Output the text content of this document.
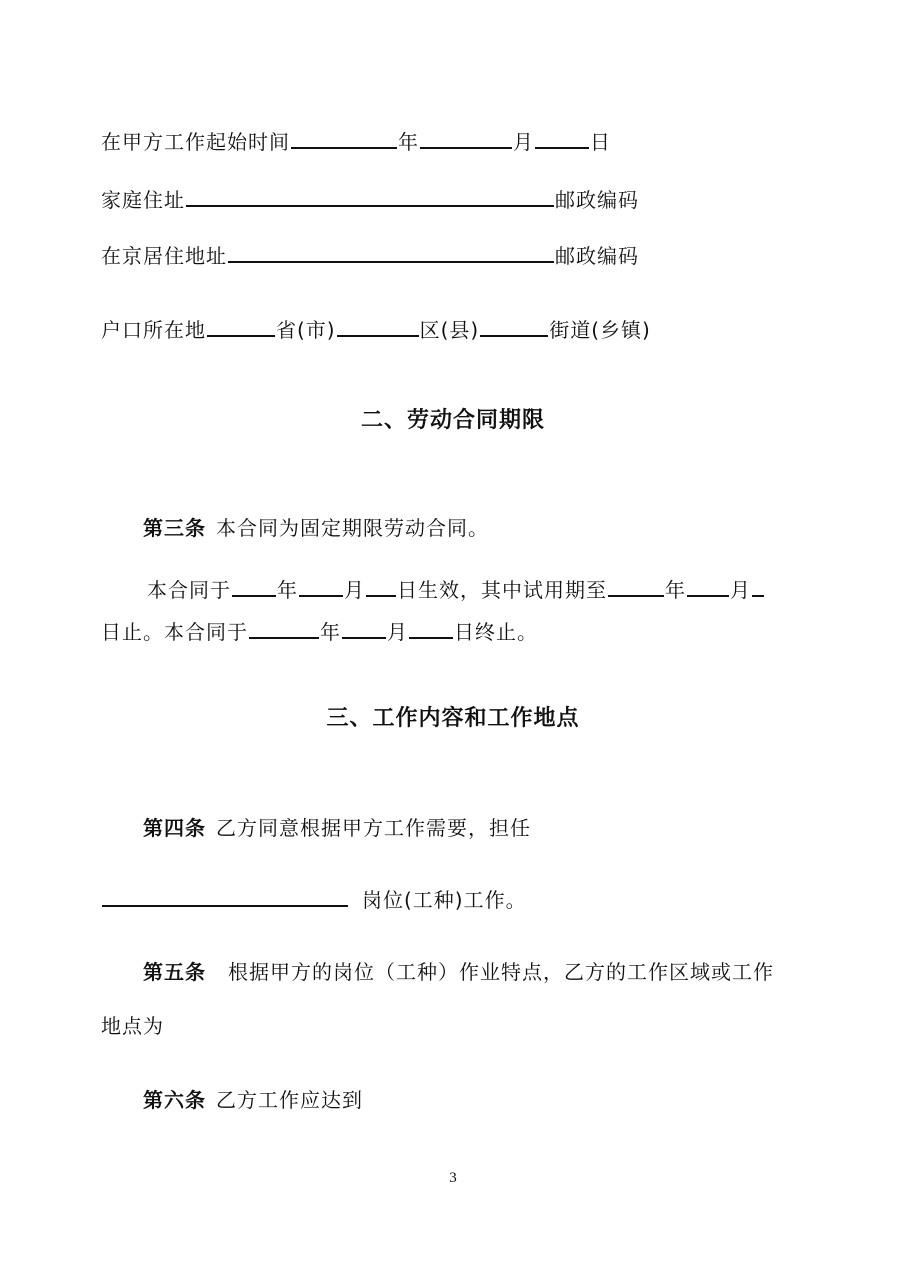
在甲方工作起始时间	年	月	日
家庭住址	邮政编码
在京居住地址	邮政编码
户口所在地	省(市)	区(县)	街道(乡镇)
二、劳动合同期限
第三条 本合同为固定期限劳动合同。
本合同于 年 月 日生效，其中试用期至	年 月
日止。本合同于	年 月 日终止。
三、工作内容和工作地点
第四条 乙方同意根据甲方工作需要，担任
岗位(工种)工作。
第五条 根据甲方的岗位（工种）作业特点，乙方的工作区域或工作
地点为
第六条 乙方工作应达到
3
